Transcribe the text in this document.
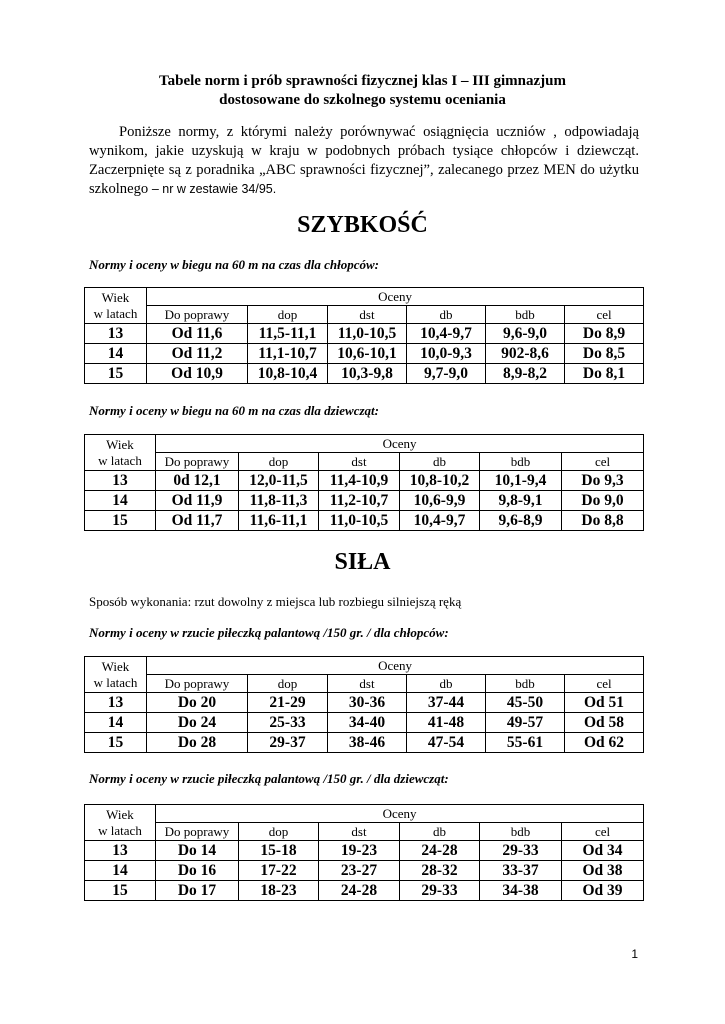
Tabele norm i prób sprawności fizycznej klas I – III gimnazjum
dostosowane do szkolnego systemu oceniania

Poniższe normy, z którymi należy porównywać osiągnięcia uczniów , odpowiadają wynikom, jakie uzyskują w kraju w podobnych próbach tysiące chłopców i dziewcząt. Zaczerpnięte są z poradnika „ABC sprawności fizycznej”, zalecanego przez MEN do użytku szkolnego – nr w zestawie 34/95.

SZYBKOŚĆ
Normy i oceny w biegu na 60 m na czas dla chłopców:
Wiek
w latach	Oceny					
	Do poprawy	dop	dst	db	bdb	cel
13	Od 11,6	11,5-11,1	11,0-10,5	10,4-9,7	9,6-9,0	Do 8,9
14	Od 11,2	11,1-10,7	10,6-10,1	10,0-9,3	902-8,6	Do 8,5
15	Od 10,9	10,8-10,4	10,3-9,8	9,7-9,0	8,9-8,2	Do 8,1
Normy i oceny w biegu na 60 m na czas dla dziewcząt:
Wiek
w latach	Oceny					
	Do poprawy	dop	dst	db	bdb	cel
13	0d 12,1	12,0-11,5	11,4-10,9	10,8-10,2	10,1-9,4	Do 9,3
14	Od 11,9	11,8-11,3	11,2-10,7	10,6-9,9	9,8-9,1	Do 9,0
15	Od 11,7	11,6-11,1	11,0-10,5	10,4-9,7	9,6-8,9	Do 8,8
SIŁA
Sposób wykonania: rzut dowolny z miejsca lub rozbiegu silniejszą ręką
Normy i oceny w rzucie piłeczką palantową /150 gr. / dla chłopców:
Wiek
w latach	Oceny					
	Do poprawy	dop	dst	db	bdb	cel
13	Do 20	21-29	30-36	37-44	45-50	Od 51
14	Do 24	25-33	34-40	41-48	49-57	Od 58
15	Do 28	29-37	38-46	47-54	55-61	Od 62
Normy i oceny w rzucie piłeczką palantową /150 gr. / dla dziewcząt:
Wiek
w latach	Oceny					
	Do poprawy	dop	dst	db	bdb	cel
13	Do 14	15-18	19-23	24-28	29-33	Od 34
14	Do 16	17-22	23-27	28-32	33-37	Od 38
15	Do 17	18-23	24-28	29-33	34-38	Od 39
1
